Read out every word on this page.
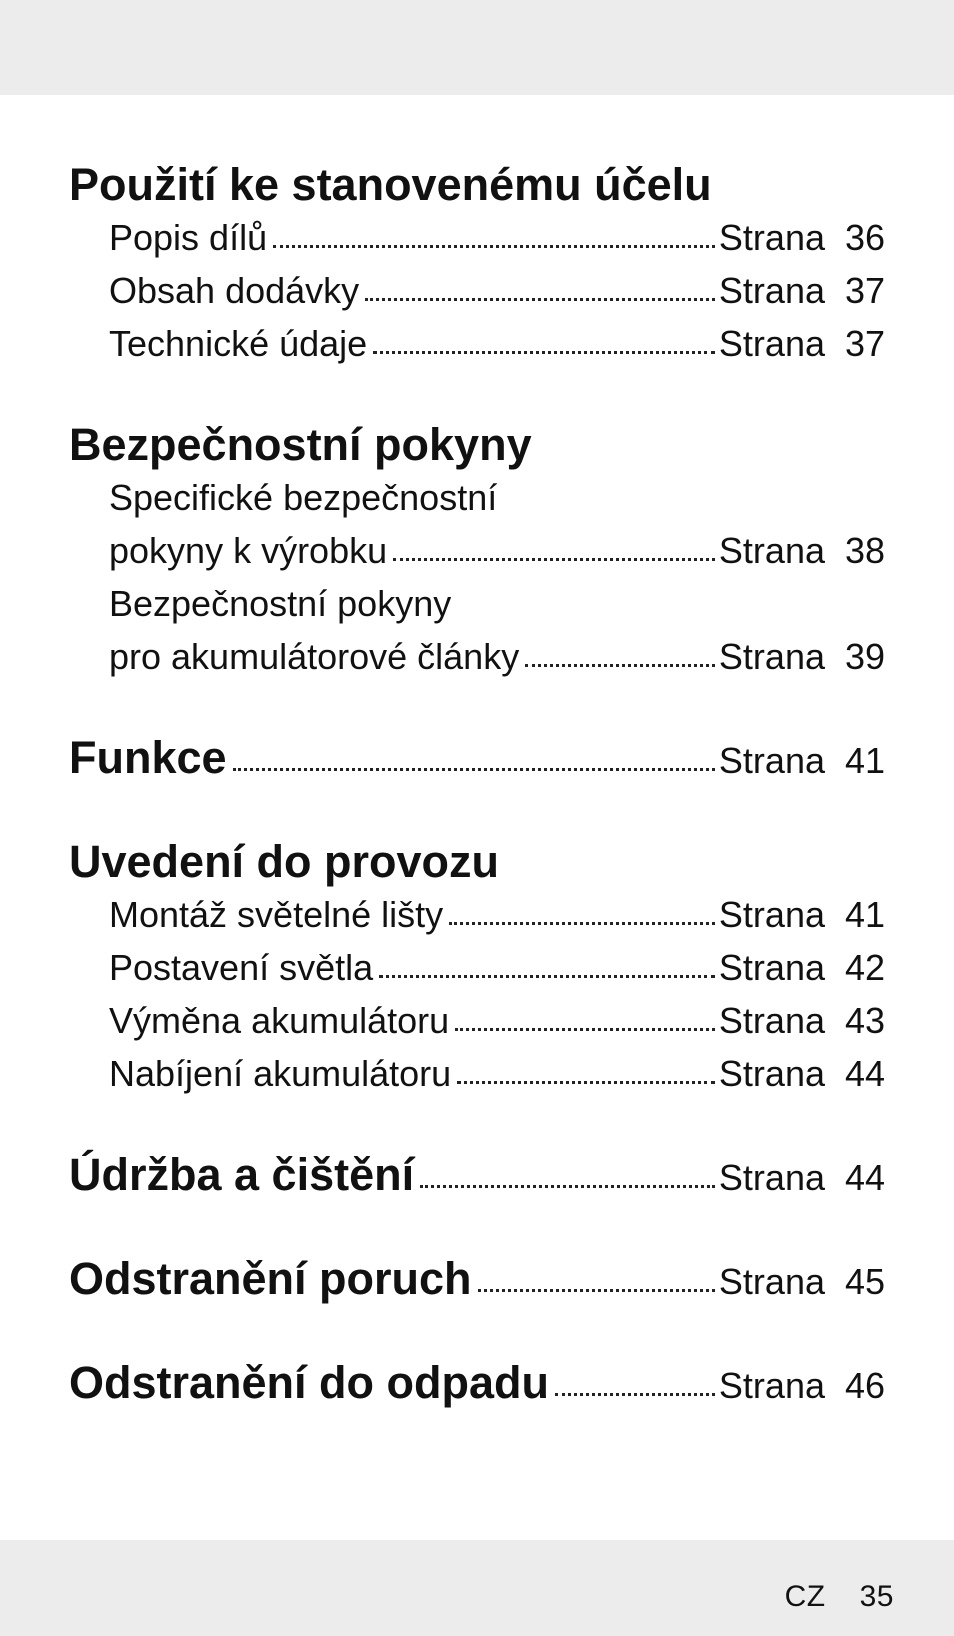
Použití ke stanovenému účelu
Popis dílů	Strana 36
Obsah dodávky	Strana 37
Technické údaje	Strana 37
Bezpečnostní pokyny
Specifické bezpečnostní
pokyny k výrobku	Strana 38
Bezpečnostní pokyny
pro akumulátorové články	Strana 39
Funkce	Strana 41
Uvedení do provozu
Montáž světelné lišty	Strana 41
Postavení světla	Strana 42
Výměna akumulátoru	Strana 43
Nabíjení akumulátoru	Strana 44
Údržba a čištění	Strana 44
Odstranění poruch	Strana 45
Odstranění do odpadu	Strana 46
CZ 35
